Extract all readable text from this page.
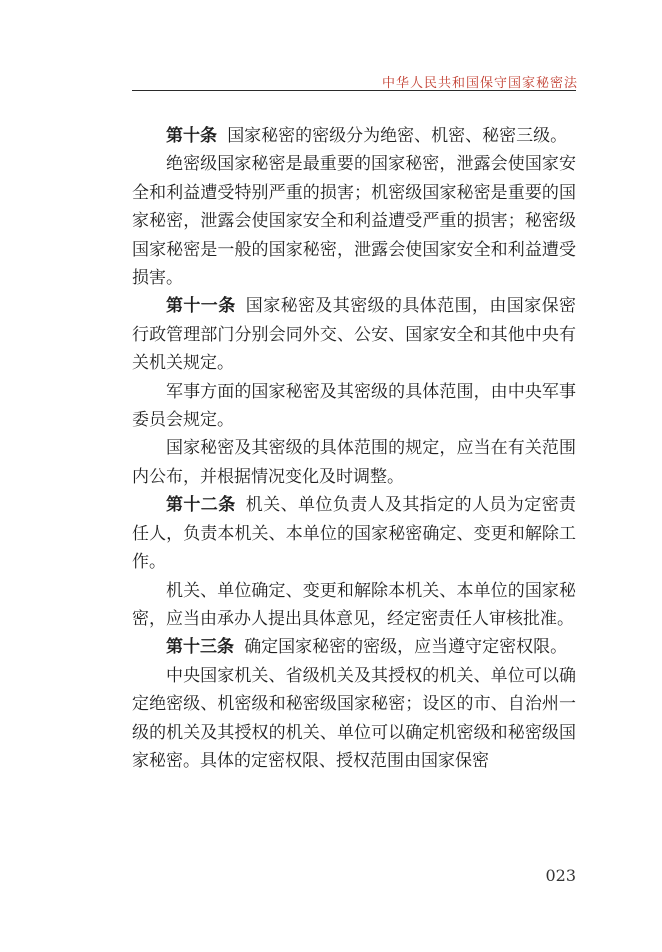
中华人民共和国保守国家秘密法

第十条 国家秘密的密级分为绝密、机密、秘密三级。

绝密级国家秘密是最重要的国家秘密，泄露会使国家安全和利益遭受特别严重的损害；机密级国家秘密是重要的国家秘密，泄露会使国家安全和利益遭受严重的损害；秘密级国家秘密是一般的国家秘密，泄露会使国家安全和利益遭受损害。

第十一条 国家秘密及其密级的具体范围，由国家保密行政管理部门分别会同外交、公安、国家安全和其他中央有关机关规定。

军事方面的国家秘密及其密级的具体范围，由中央军事委员会规定。

国家秘密及其密级的具体范围的规定，应当在有关范围内公布，并根据情况变化及时调整。

第十二条 机关、单位负责人及其指定的人员为定密责任人，负责本机关、本单位的国家秘密确定、变更和解除工作。

机关、单位确定、变更和解除本机关、本单位的国家秘密，应当由承办人提出具体意见，经定密责任人审核批准。

第十三条 确定国家秘密的密级，应当遵守定密权限。

中央国家机关、省级机关及其授权的机关、单位可以确定绝密级、机密级和秘密级国家秘密；设区的市、自治州一级的机关及其授权的机关、单位可以确定机密级和秘密级国家秘密。具体的定密权限、授权范围由国家保密

023
